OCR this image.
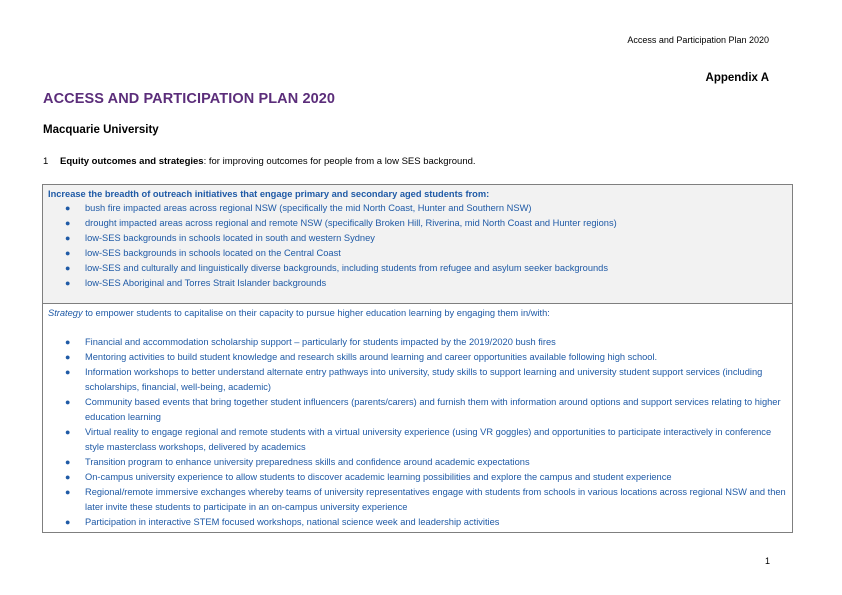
Access and Participation Plan 2020
Appendix A
ACCESS AND PARTICIPATION PLAN 2020
Macquarie University
1 Equity outcomes and strategies: for improving outcomes for people from a low SES background.
Increase the breadth of outreach initiatives that engage primary and secondary aged students from:
● bush fire impacted areas across regional NSW (specifically the mid North Coast, Hunter and Southern NSW)
● drought impacted areas across regional and remote NSW (specifically Broken Hill, Riverina, mid North Coast and Hunter regions)
● low-SES backgrounds in schools located in south and western Sydney
● low-SES backgrounds in schools located on the Central Coast
● low-SES and culturally and linguistically diverse backgrounds, including students from refugee and asylum seeker backgrounds
● low-SES Aboriginal and Torres Strait Islander backgrounds
Strategy to empower students to capitalise on their capacity to pursue higher education learning by engaging them in/with:
● Financial and accommodation scholarship support – particularly for students impacted by the 2019/2020 bush fires
● Mentoring activities to build student knowledge and research skills around learning and career opportunities available following high school.
● Information workshops to better understand alternate entry pathways into university, study skills to support learning and university student support services (including scholarships, financial, well-being, academic)
● Community based events that bring together student influencers (parents/carers) and furnish them with information around options and support services relating to higher education learning
● Virtual reality to engage regional and remote students with a virtual university experience (using VR goggles) and opportunities to participate interactively in conference style masterclass workshops, delivered by academics
● Transition program to enhance university preparedness skills and confidence around academic expectations
● On-campus university experience to allow students to discover academic learning possibilities and explore the campus and student experience
● Regional/remote immersive exchanges whereby teams of university representatives engage with students from schools in various locations across regional NSW and then later invite these students to participate in an on-campus university experience
● Participation in interactive STEM focused workshops, national science week and leadership activities
1
